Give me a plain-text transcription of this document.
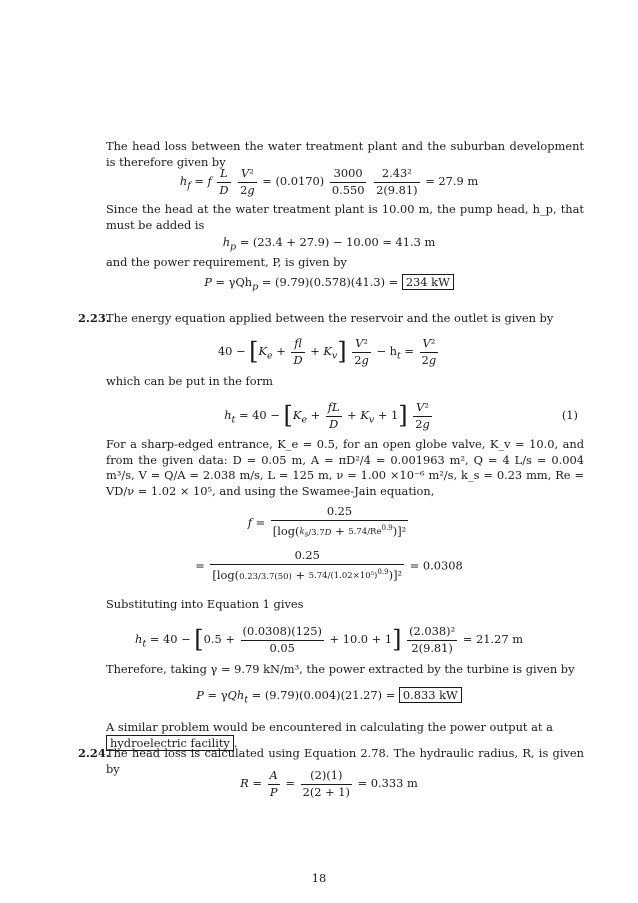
The head loss between the water treatment plant and the suburban development is therefore given by

$h_f = f \frac{L}{D}$
$\frac{\text{V²}}{2g} = (0.0170) \frac{3000}{0.550}$
$\frac{\text{2.43²}}{2(9.81)} = 27.9$ m

Since the head at the water treatment plant is 10.00 m, the pump head, h_p, that must be added is

$h_p = (23.4 + 27.9) - 10.00 = 41.3$ m

and the power requirement, P, is given by

P = γQh$_p$ = (9.79)(0.578)(41.3) = 234 kW
2.23.

The energy equation applied between the reservoir and the outlet is given by

$40 - [K_e + \frac{fl}{D} + K_v] \frac{\text{V²}}{2g} - h_t = \frac{\text{V²}}{2g}$

which can be put in the form

$h_t = 40 - [K_e + \frac{fL}{D} + K_v + 1] \frac{\text{V²}}{2g}$	(1)

For a sharp-edged entrance, K_e = 0.5, for an open globe valve, K_v = 10.0, and from the given data: D = 0.05 m, A = πD²/4 = 0.001963 m², Q = 4 L/s = 0.004 m³/s, V = Q/A = 2.038 m/s, L = 125 m, ν = 1.00 ×10⁻⁶ m²/s, k_s = 0.23 mm, Re = VD/ν = 1.02 × 10⁵, and using the Swamee-Jain equation,

$f = \frac{0.25}{[\log(k_s/3.7D + 5.74/Re^{0.9})]^2}$
= $\frac{0.25}{[\log(0.23/3.7(50) + 5.74/(1.02\times 10^5)^{0.9})]^2} = 0.0308$

Substituting into Equation 1 gives

$h_t = 40 - [0.5 + \frac{(0.0308)(125)}{0.05} + 10.0 + 1] \frac{\text{(2.038)²}}{2(9.81)} = 21.27$ m

Therefore, taking γ = 9.79 kN/m³, the power extracted by the turbine is given by

P = γQh$_t$ = (9.79)(0.004)(21.27) = 0.833 kW

A similar problem would be encountered in calculating the power output at a hydroelectric facility .

2.24.

The head loss is calculated using Equation 2.78. The hydraulic radius, R, is given by

$R = \frac{A}{P} = \frac{(2)(1)}{2(2 + 1)} = 0.333$ m
18
